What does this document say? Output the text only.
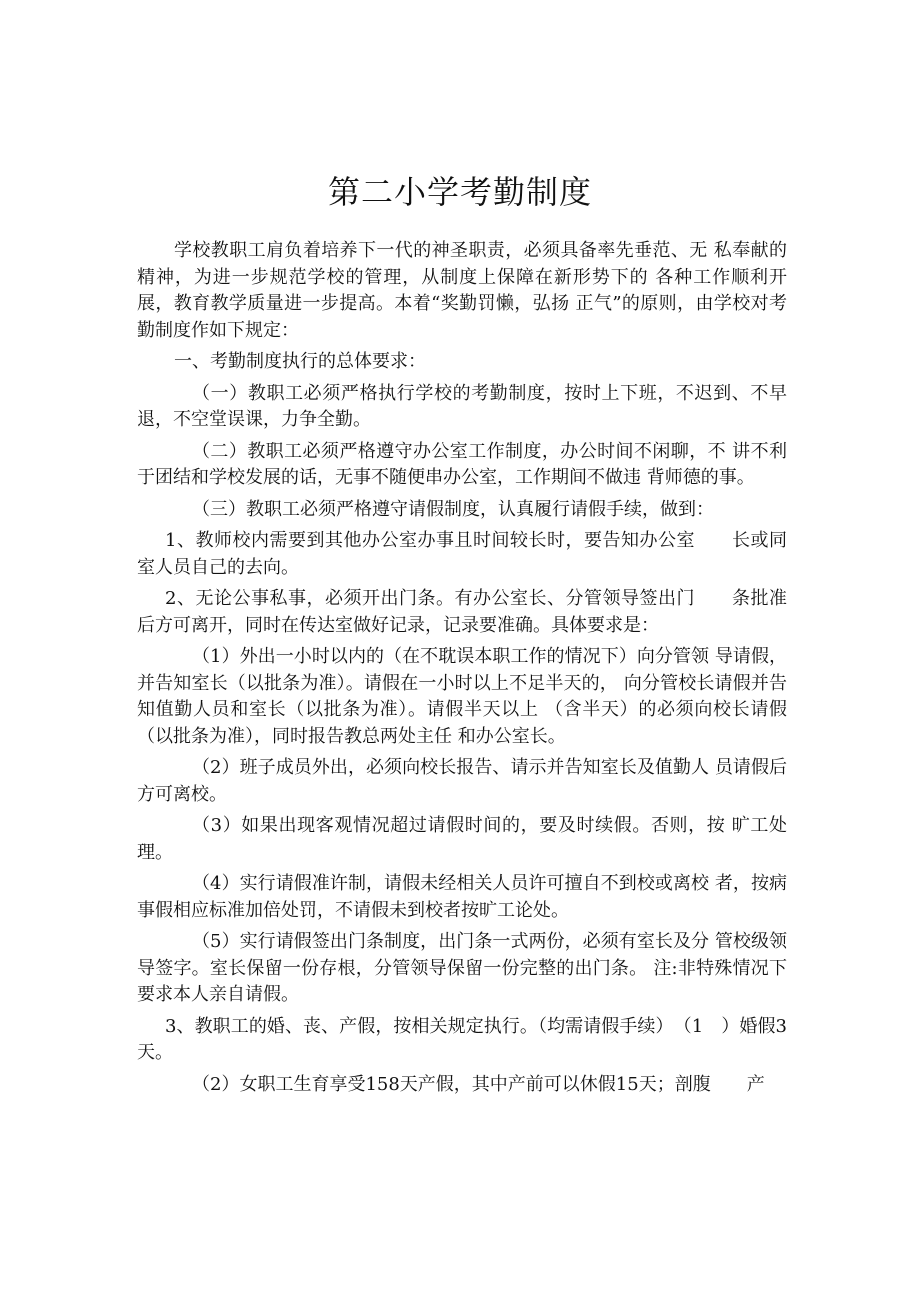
第二小学考勤制度

学校教职工肩负着培养下一代的神圣职责，必须具备率先垂范、无 私奉献的精神，为进一步规范学校的管理，从制度上保障在新形势下的 各种工作顺利开展，教育教学质量进一步提高。本着“奖勤罚懒，弘扬 正气”的原则，由学校对考勤制度作如下规定：

一、考勤制度执行的总体要求：

（一）教职工必须严格执行学校的考勤制度，按时上下班，不迟到、不早退，不空堂误课，力争全勤。

（二）教职工必须严格遵守办公室工作制度，办公时间不闲聊，不 讲不利于团结和学校发展的话，无事不随便串办公室，工作期间不做违 背师德的事。

（三）教职工必须严格遵守请假制度，认真履行请假手续，做到：

1、教师校内需要到其他办公室办事且时间较长时，要告知办公室　　长或同室人员自己的去向。

2、无论公事私事，必须开出门条。有办公室长、分管领导签出门　　条批准后方可离开，同时在传达室做好记录，记录要准确。具体要求是：

（1）外出一小时以内的（在不耽误本职工作的情况下）向分管领 导请假，并告知室长（以批条为准）。请假在一小时以上不足半天的， 向分管校长请假并告知值勤人员和室长（以批条为准）。请假半天以上 （含半天）的必须向校长请假（以批条为准），同时报告教总两处主任 和办公室长。

（2）班子成员外出，必须向校长报告、请示并告知室长及值勤人 员请假后方可离校。

（3）如果出现客观情况超过请假时间的，要及时续假。否则，按 旷工处理。

（4）实行请假准许制，请假未经相关人员许可擅自不到校或离校 者，按病事假相应标准加倍处罚，不请假未到校者按旷工论处。

（5）实行请假签出门条制度，出门条一式两份，必须有室长及分 管校级领导签字。室长保留一份存根，分管领导保留一份完整的出门条。 注:非特殊情况下要求本人亲自请假。

3、教职工的婚、丧、产假，按相关规定执行。（均需请假手续）　（1　）婚假3天。

（2）女职工生育享受158天产假，其中产前可以休假15天；剖腹　　产
